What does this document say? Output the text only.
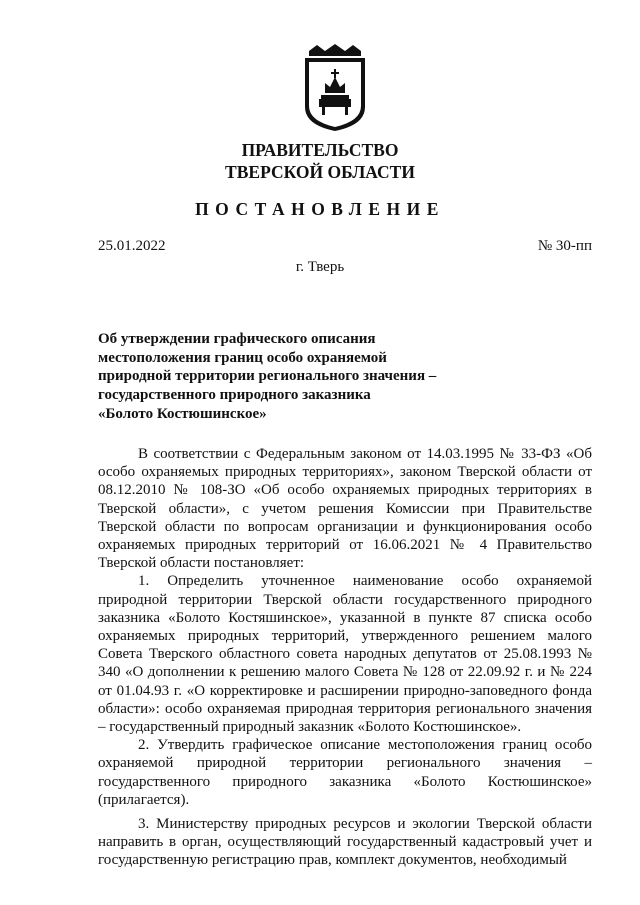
ПРАВИТЕЛЬСТВО
ТВЕРСКОЙ ОБЛАСТИ
ПОСТАНОВЛЕНИЕ
25.01.2022	№ 30-пп
г. Тверь
Об утверждении графического описания
местоположения границ особо охраняемой
природной территории регионального значения –
государственного природного заказника
«Болото Костюшинское»

В соответствии с Федеральным законом от 14.03.1995 № 33-ФЗ «Об особо охраняемых природных территориях», законом Тверской области от 08.12.2010 № 108-ЗО «Об особо охраняемых природных территориях в Тверской области», с учетом решения Комиссии при Правительстве Тверской области по вопросам организации и функционирования особо охраняемых природных территорий от 16.06.2021 № 4 Правительство Тверской области постановляет:

1. Определить уточненное наименование особо охраняемой природной территории Тверской области государственного природного заказника «Болото Костяшинское», указанной в пункте 87 списка особо охраняемых природных территорий, утвержденного решением малого Совета Тверского областного совета народных депутатов от 25.08.1993 № 340 «О дополнении к решению малого Совета № 128 от 22.09.92 г. и № 224 от 01.04.93 г. «О корректировке и расширении природно-заповедного фонда области»: особо охраняемая природная территория регионального значения – государственный природный заказник «Болото Костюшинское».

2. Утвердить графическое описание местоположения границ особо охраняемой природной территории регионального значения – государственного природного заказника «Болото Костюшинское» (прилагается).

3. Министерству природных ресурсов и экологии Тверской области направить в орган, осуществляющий государственный кадастровый учет и государственную регистрацию прав, комплект документов, необходимый
